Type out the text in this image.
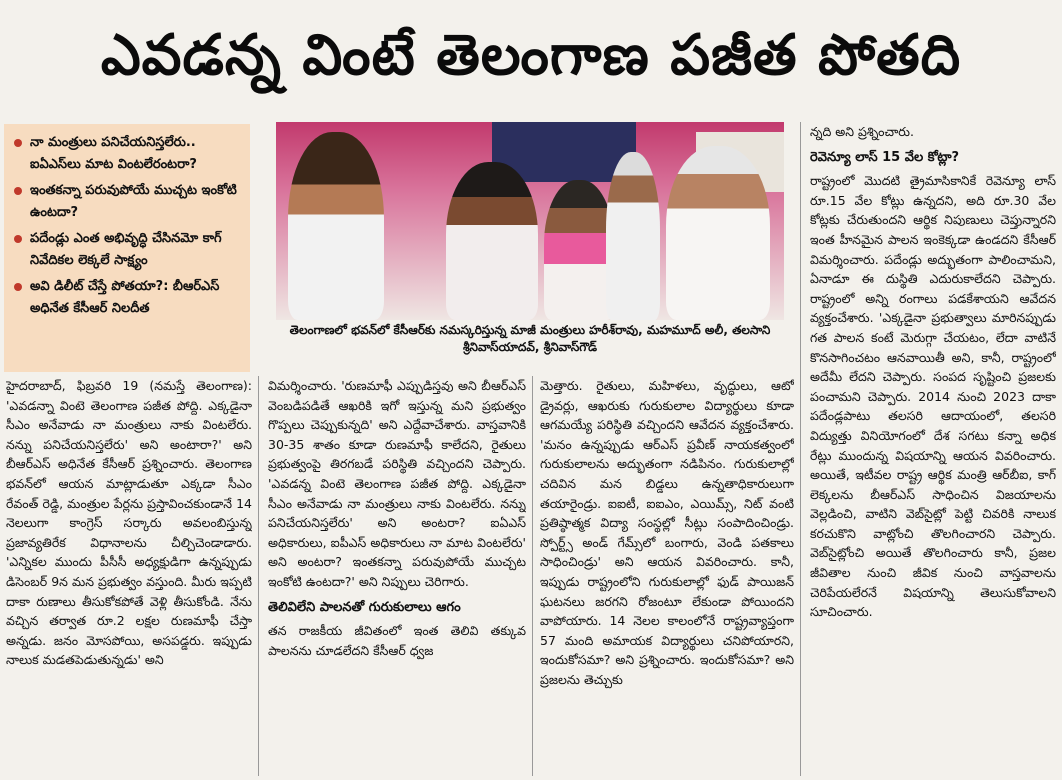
ఎవడన్న వింటే తెలంగాణ పజీత పోతది
నా మంత్రులు పనిచేయనిస్తలేరు.. ఐఏఎస్‌లు మాట వింటలేరంటరా?
ఇంతకన్నా పరువుపోయే ముచ్చట ఇంకోటి ఉంటదా?
పదేండ్లు ఎంత అభివృద్ధి చేసినమో కాగ్ నివేదికల లెక్కలే సాక్ష్యం
అవి డిలీట్ చేస్తే పోతయా?: బీఆర్‌ఎస్ అధినేత కేసీఆర్ నిలదీత
తెలంగాణలో భవన్‌లో కేసీఆర్‌కు నమస్కరిస్తున్న మాజీ మంత్రులు హరీశ్‌రావు, మహమూద్ అలీ, తలసాని శ్రీనివాస్‌యాదవ్, శ్రీనివాస్‌గౌడ్

హైదరాబాద్, ఫిబ్రవరి 19 (నమస్తే తెలంగాణ): 'ఎవడన్నా వింటె తెలంగాణ పజీత పోద్ది. ఎక్కడైనా సీఎం అనేవాడు నా మంత్రులు నాకు వింటలేరు. నన్ను పనిచేయనిస్తలేరు' అని అంటారా?' అని బీఆర్‌ఎస్ అధినేత కేసీఆర్ ప్రశ్నించారు. తెలంగాణ భవన్‌లో ఆయన మాట్లాడుతూ ఎక్కడా సీఎం రేవంత్ రెడ్డి, మంత్రుల పేర్లను ప్రస్తావించకుండానే 14 నెలలుగా కాంగ్రెస్ సర్కారు అవలంబిస్తున్న ప్రజావ్యతిరేక విధానాలను చీల్చిచెండాడారు. 'ఎన్నికల ముందు పీసీసీ అధ్యక్షుడిగా ఉన్నప్పుడు డిసెంబర్ 9న మన ప్రభుత్వం వస్తుంది. మీరు ఇప్పటి దాకా రుణాలు తీసుకోకపోతే వెళ్లి తీసుకోండి. నేను వచ్చిన తర్వాత రూ.2 లక్షల రుణమాఫీ చేస్తా అన్నడు. జనం మోసపోయి, అసపడ్డరు. ఇప్పుడు నాలుక మడతపెడుతున్నడు' అని

విమర్శించారు. 'రుణమాఫీ ఎప్పుడిస్తవు అని బీఆర్‌ఎస్ వెంబడిపడితే ఆఖరికి ఇగో ఇస్తున్న మని ప్రభుత్వం గొప్పలు చెప్పుకున్నది' అని ఎద్దేవాచేశారు. వాస్తవానికి 30-35 శాతం కూడా రుణమాఫీ కాలేదని, రైతులు ప్రభుత్వంపై తిరగబడే పరిస్థితి వచ్చిందని చెప్పారు. 'ఎవడన్న వింటె తెలంగాణ పజీత పోద్ది. ఎక్కడైనా సీఎం అనేవాడు నా మంత్రులు నాకు వింటలేరు. నన్ను పనిచేయనిస్తలేరు' అని అంటరా? ఐఏఎస్ అధికారులు, ఐపీఎస్ అధికారులు నా మాట వింటలేరు' అని అంటరా? ఇంతకన్నా పరువుపోయే ముచ్చట ఇంకోటి ఉంటదా?' అని నిప్పులు చెరిగారు.

తెలివిలేని పాలనతో గురుకులాలు ఆగం

తన రాజకీయ జీవితంలో ఇంత తెలివి తక్కువ పాలనను చూడలేదని కేసీఆర్ ధ్వజ

మెత్తారు. రైతులు, మహిళలు, వృద్ధులు, ఆటో డ్రైవర్లు, ఆఖరుకు గురుకులాల విద్యార్థులు కూడా ఆగమయ్యే పరిస్థితి వచ్చిందని ఆవేదన వ్యక్తంచేశారు. 'మనం ఉన్నప్పుడు ఆర్‌ఎస్ ప్రవీణ్ నాయకత్వంలో గురుకులాలను అద్భుతంగా నడిపినం. గురుకులాల్లో చదివిన మన బిడ్డలు ఉన్నతాధికారులుగా తయారైండ్రు. ఐఐటీ, ఐఐఎం, ఎయిమ్స్, నిట్ వంటి ప్రతిష్ఠాత్మక విద్యా సంస్థల్లో సీట్లు సంపాదించిండ్రు. స్పోర్ట్స్ అండ్ గేమ్స్‌లో బంగారు, వెండి పతకాలు సాధించిండ్రు' అని ఆయన వివరించారు. కానీ, ఇప్పుడు రాష్ట్రంలోని గురుకులాల్లో ఫుడ్ పాయిజన్ ఘటనలు జరగని రోజంటూ లేకుండా పోయిందని వాపోయారు. 14 నెలల కాలంలోనే రాష్ట్రవ్యాప్తంగా 57 మంది అమాయక విద్యార్థులు చనిపోయారని, ఇందుకోసమా? అని ప్రశ్నించారు. ఇందుకోసమా? అని ప్రజలను తెచ్చుకు

న్నది అని ప్రశ్నించారు.

రెవెన్యూ లాస్ 15 వేల కోట్లా?

రాష్ట్రంలో మొదటి త్రైమాసికానికే రెవెన్యూ లాస్ రూ.15 వేల కోట్లు ఉన్నదని, అది రూ.30 వేల కోట్లకు చేరుతుందని ఆర్థిక నిపుణులు చెప్తున్నారని ఇంత హీనమైన పాలన ఇంకెక్కడా ఉండదని కేసీఆర్ విమర్శించారు. పదేండ్లు అద్భుతంగా పాలించామని, ఏనాడూ ఈ దుస్థితి ఎదురుకాలేదని చెప్పారు. రాష్ట్రంలో అన్ని రంగాలు పడకేశాయని ఆవేదన వ్యక్తంచేశారు. 'ఎక్కడైనా ప్రభుత్వాలు మారినప్పుడు గత పాలన కంటే మెరుగ్గా చేయటం, లేదా వాటినే కొనసాగించటం ఆనవాయితీ అని, కానీ, రాష్ట్రంలో అదేమీ లేదని చెప్పారు. సంపద సృష్టించి ప్రజలకు పంచామని చెప్పారు. 2014 నుంచి 2023 దాకా పదేండ్లపాటు తలసరి ఆదాయంలో, తలసరి విద్యుత్తు వినియోగంలో దేశ సగటు కన్నా అధిక రేట్లు ముందున్న విషయాన్ని ఆయన వివరించారు. అయితే, ఇటీవల రాష్ట్ర ఆర్థిక మంత్రి ఆర్‌బీఐ, కాగ్ లెక్కలను బీఆర్‌ఎస్ సాధించిన విజయాలను వెల్లడించి, వాటిని వెబ్‌సైట్లో పెట్టి చివరికి నాలుక కరచుకొని వాట్లోంచి తొలగించారని చెప్పారు. వెబ్‌సైట్లోంచి అయితే తొలగించారు కానీ, ప్రజల జీవితాల నుంచి జీవిక నుంచి వాస్తవాలను చెరిపేయలేరనే విషయాన్ని తెలుసుకోవాలని సూచించారు.
